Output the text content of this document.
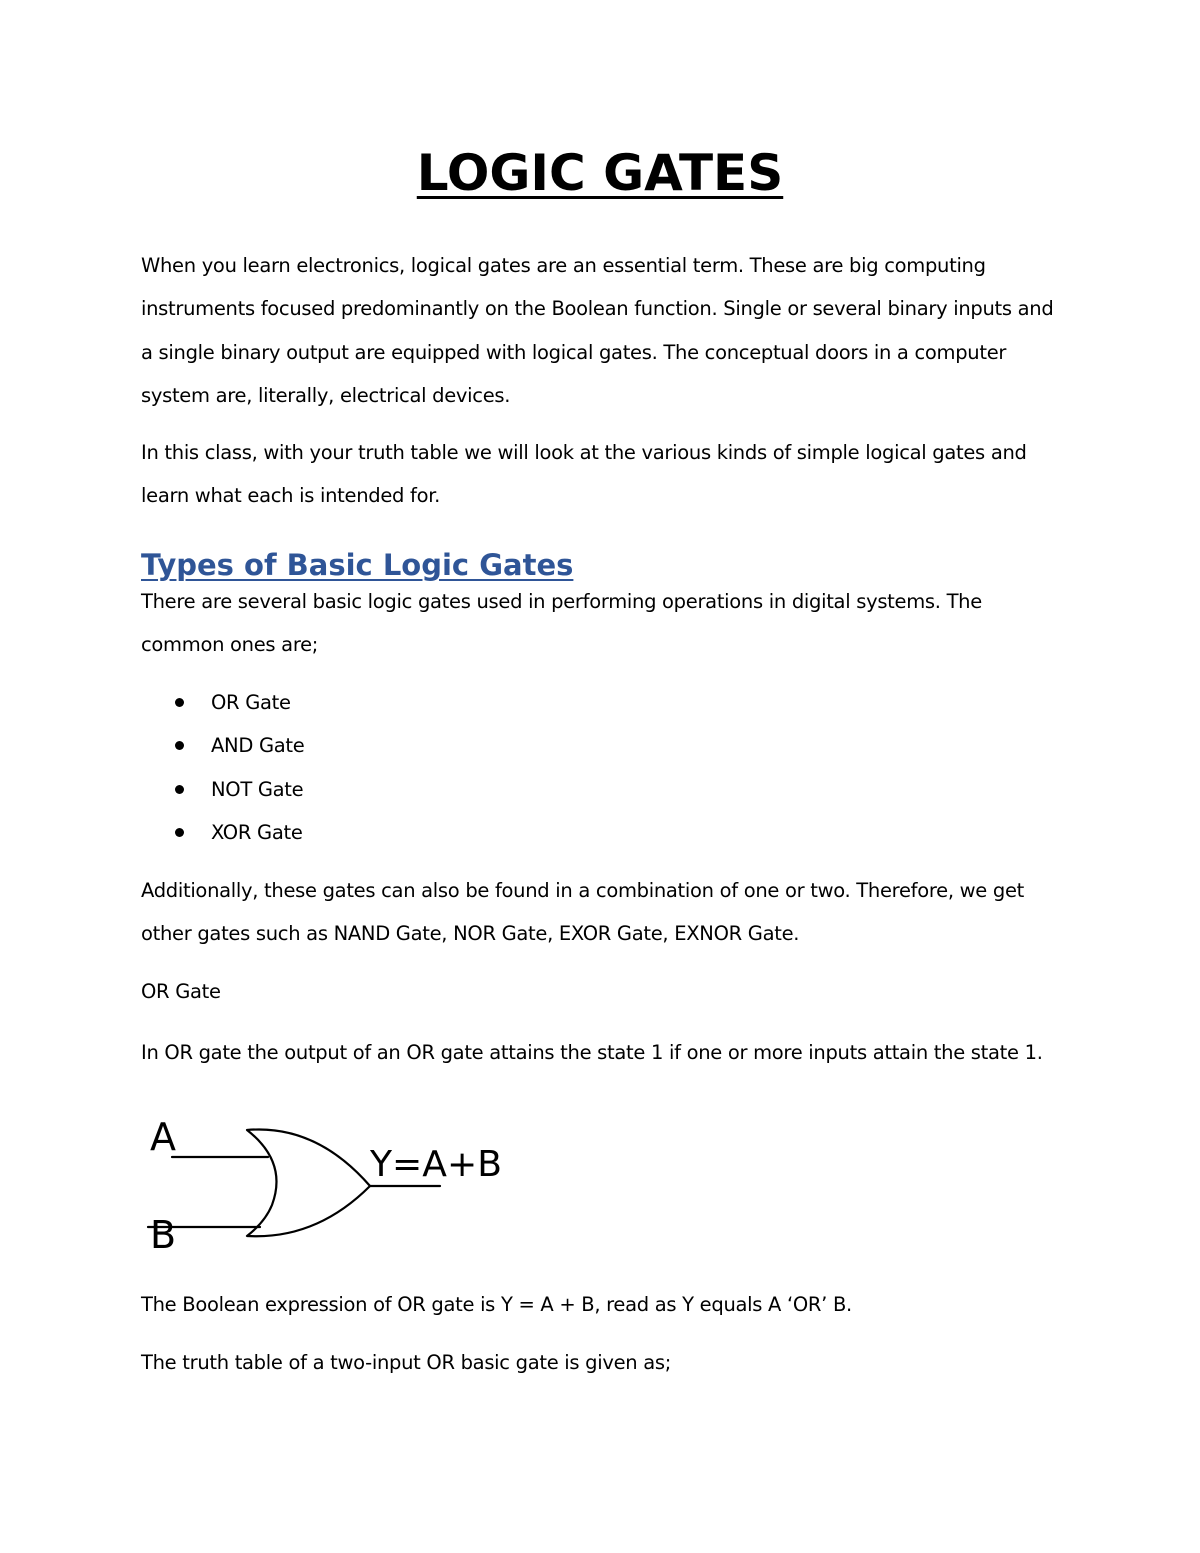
LOGIC GATES

When you learn electronics, logical gates are an essential term. These are big computing
instruments focused predominantly on the Boolean function. Single or several binary inputs and
a single binary output are equipped with logical gates. The conceptual doors in a computer
system are, literally, electrical devices.

In this class, with your truth table we will look at the various kinds of simple logical gates and
learn what each is intended for.

Types of Basic Logic Gates

There are several basic logic gates used in performing operations in digital systems. The
common ones are;

OR Gate
AND Gate
NOT Gate
XOR Gate

Additionally, these gates can also be found in a combination of one or two. Therefore, we get
other gates such as NAND Gate, NOR Gate, EXOR Gate, EXNOR Gate.

OR Gate

In OR gate the output of an OR gate attains the state 1 if one or more inputs attain the state 1.

A
B
Y=A+B

The Boolean expression of OR gate is Y = A + B, read as Y equals A ‘OR’ B.

The truth table of a two-input OR basic gate is given as;
